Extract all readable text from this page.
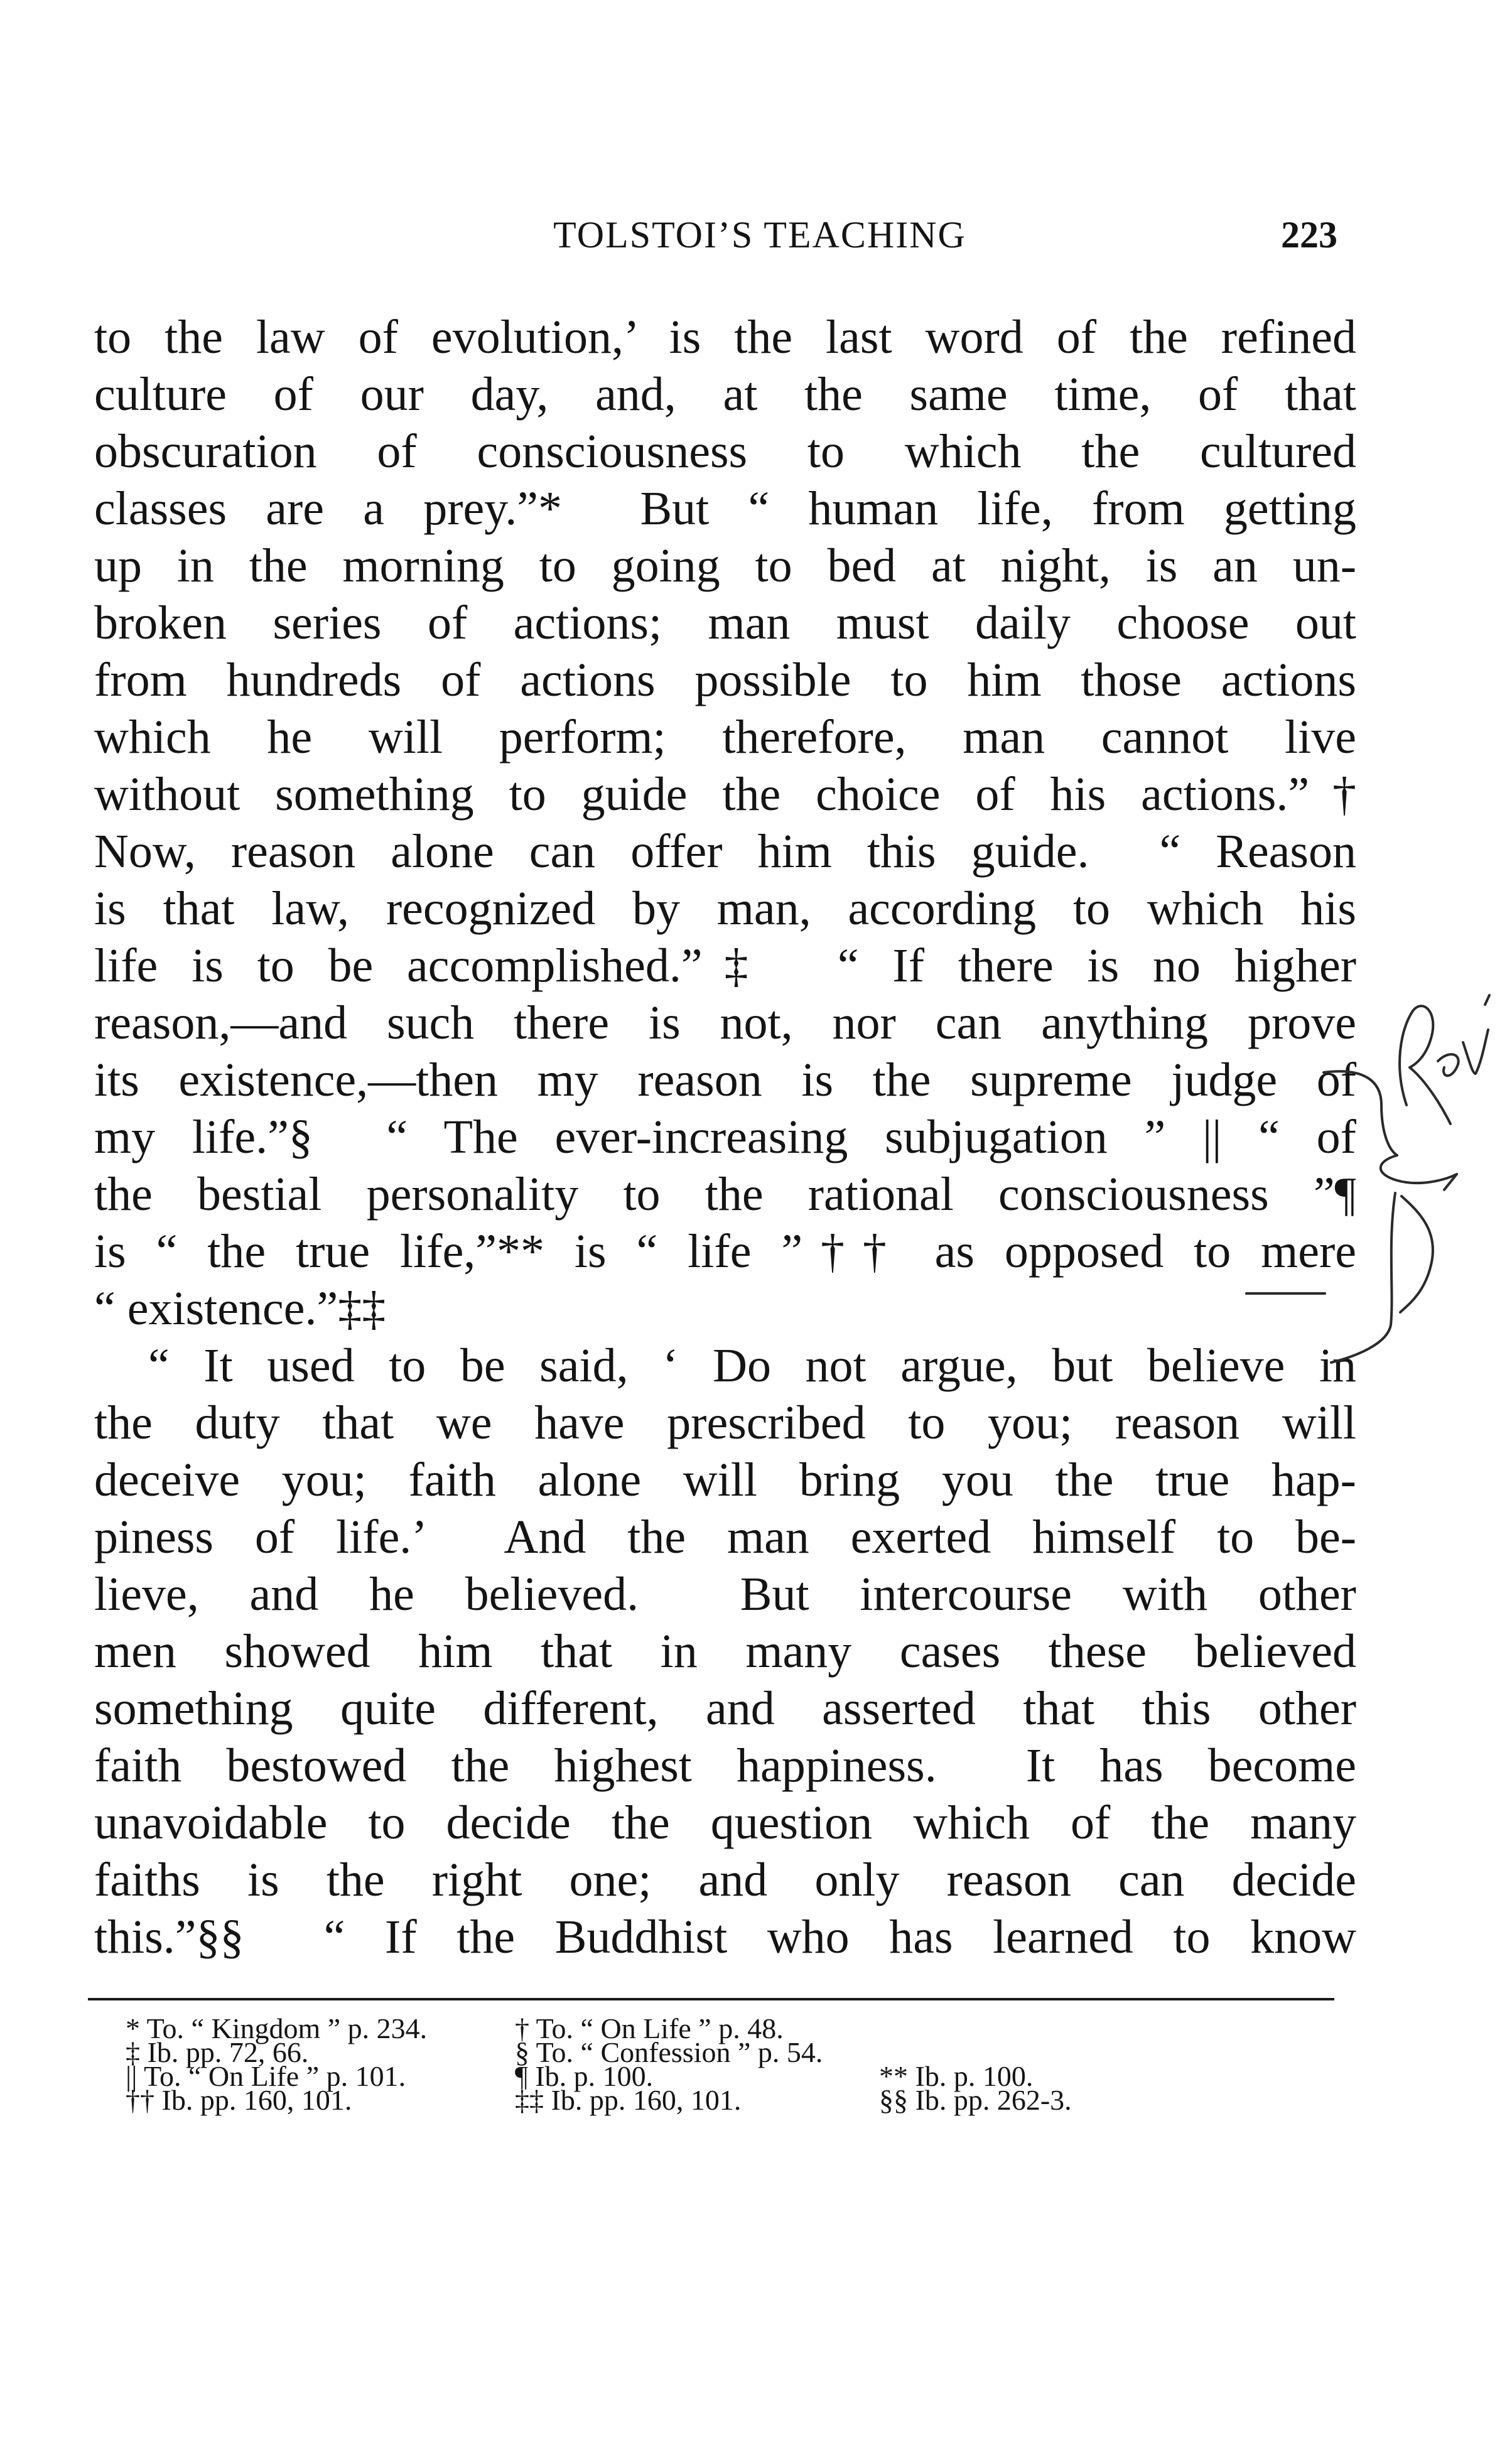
TOLSTOI’S TEACHING	223
to the law of evolution,’ is the last word of the refined
culture of our day, and, at the same time, of that
obscuration of consciousness to which the cultured
classes are a prey.”*  But “ human life, from getting
up in the morning to going to bed at night, is an un-
broken series of actions; man must daily choose out
from hundreds of actions possible to him those actions
which he will perform; therefore, man cannot live
without something to guide the choice of his actions.”†
Now, reason alone can offer him this guide.  “ Reason
is that law, recognized by man, according to which his
life is to be accomplished.”‡  “ If there is no higher
reason,—and such there is not, nor can anything prove
its existence,—then my reason is the supreme judge of
my life.”§  “ The ever-increasing subjugation ” || “ of
the bestial personality to the rational consciousness ”¶
is “ the true life,”** is “ life ”†† as opposed to mere
“ existence.”‡‡
“ It used to be said, ‘ Do not argue, but believe in
the duty that we have prescribed to you; reason will
deceive you; faith alone will bring you the true hap-
piness of life.’  And the man exerted himself to be-
lieve, and he believed.  But intercourse with other
men showed him that in many cases these believed
something quite different, and asserted that this other
faith bestowed the highest happiness.  It has become
unavoidable to decide the question which of the many
faiths is the right one; and only reason can decide
this.”§§  “ If the Buddhist who has learned to know
* To. “ Kingdom ” p. 234.	† To. “ On Life ” p. 48.
‡ Ib. pp. 72, 66.	§ To. “ Confession ” p. 54.
|| To. “ On Life ” p. 101.	¶ Ib. p. 100.	** Ib. p. 100.
†† Ib. pp. 160, 101.	‡‡ Ib. pp. 160, 101.	§§ Ib. pp. 262-3.
